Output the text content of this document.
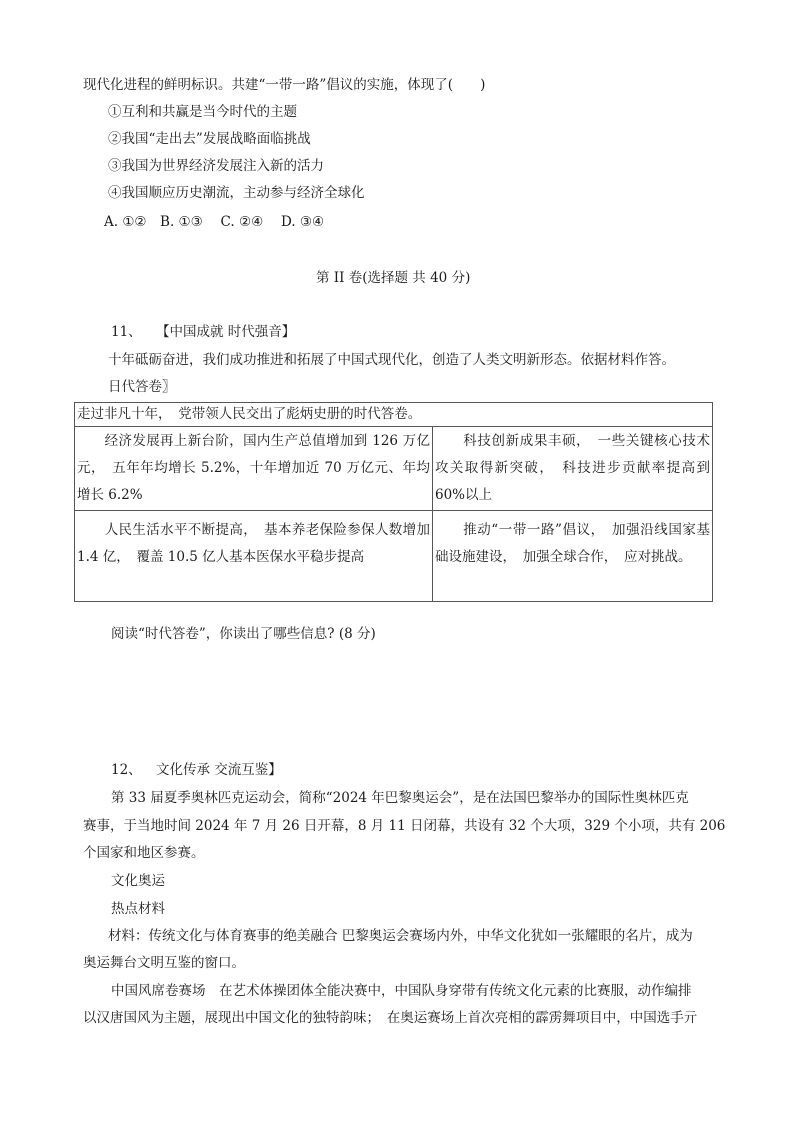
现代化进程的鲜明标识。共建“一带一路”倡议的实施，体现了(　　)
①互利和共赢是当今时代的主题
②我国“走出去”发展战略面临挑战
③我国为世界经济发展注入新的活力
④我国顺应历史潮流，主动参与经济全球化
A. ①②　B. ①③　 C. ②④　 D. ③④
第 II 卷(选择题 共 40 分)
11、 【中国成就 时代强音】
十年砥砺奋进，我们成功推进和拓展了中国式现代化，创造了人类文明新形态。依据材料作答。
日代答卷〗
走过非凡十年，　党带领人民交出了彪炳史册的时代答卷。	
　　经济发展再上新台阶，国内生产总值增加到 126 万亿元，　五年年均增长 5.2%，十年增加近 70 万亿元、年均增长 6.2%	　　科技创新成果丰硕，　一些关键核心技术攻关取得新突破，　科技进步贡献率提高到 60%以上
　　人民生活水平不断提高，　基本养老保险参保人数增加 1.4 亿，　覆盖 10.5 亿人基本医保水平稳步提高	　　推动“一带一路”倡议，　加强沿线国家基础设施建设，　加强全球合作，　应对挑战。
阅读“时代答卷”，你读出了哪些信息? (8 分)
12、 文化传承 交流互鉴】
第 33 届夏季奥林匹克运动会，简称“2024 年巴黎奥运会”，是在法国巴黎举办的国际性奥林匹克
赛事，于当地时间 2024 年 7 月 26 日开幕，8 月 11 日闭幕，共设有 32 个大项，329 个小项，共有 206
个国家和地区参赛。
文化奥运
热点材料
材料：传统文化与体育赛事的绝美融合 巴黎奥运会赛场内外，中华文化犹如一张耀眼的名片，成为
奥运舞台文明互鉴的窗口。
中国风席卷赛场　在艺术体操团体全能决赛中，中国队身穿带有传统文化元素的比赛服，动作编排
以汉唐国风为主题，展现出中国文化的独特韵味；　在奥运赛场上首次亮相的霹雳舞项目中，中国选手亓
